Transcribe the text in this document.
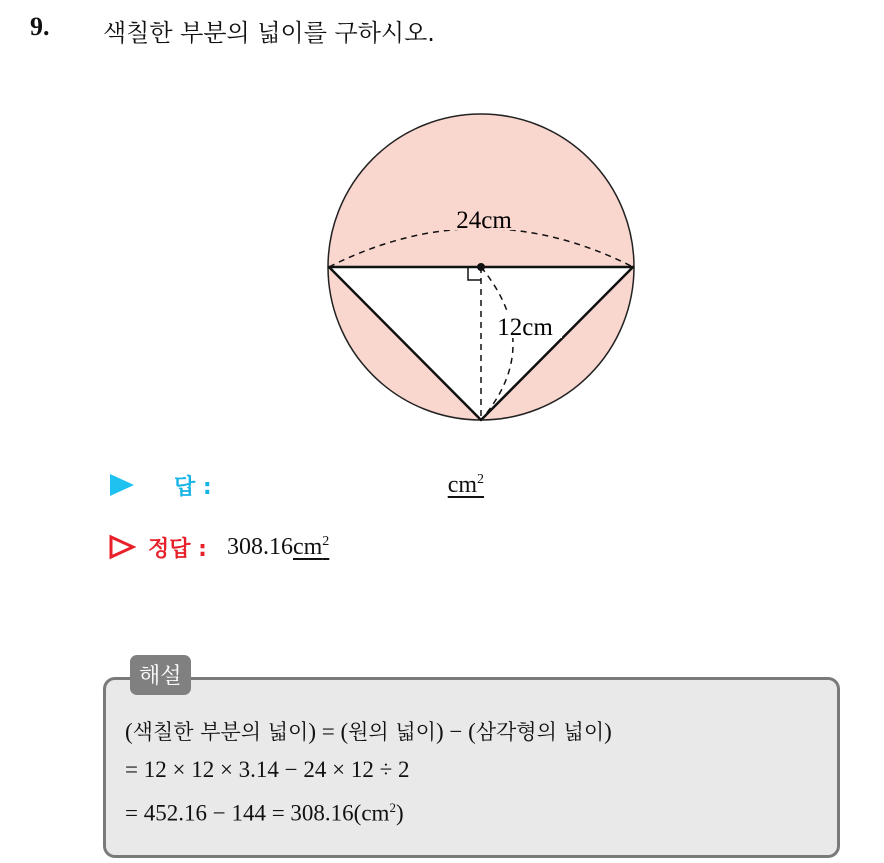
9. 색칠한 부분의 넓이를 구하시오.
24cm
12cm
답 :	$cm^2$
정답 : 308.16 $cm^2$
해설
(색칠한 부분의 넓이) = (원의 넓이) − (삼각형의 넓이)
= 12 × 12 × 3.14 − 24 × 12 ÷ 2
= $452.16 - 144 = 308.16(cm^2)$
